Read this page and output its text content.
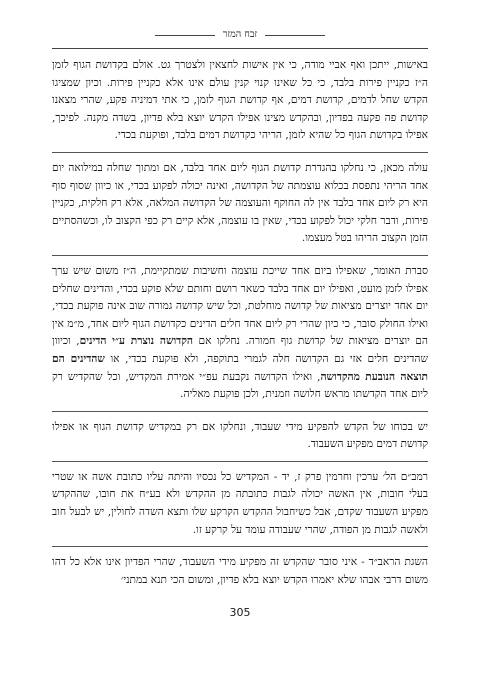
זבח המזר

באישות, ייתכן ואף אביי מודה, כי אין אישות לחצאין ולצטרך גט. אולם בקדושת הגוף לזמן ה״ז כקניין פירות בלבד, כי כל שאינו קנוי קנין עולם אינו אלא כקניין פירות. וכיון שמציגו הקדש שחל לדמים, קדושת דמים, אף קדושת הגוף לזמן, כי אתי דמיניה פקע, שהרי מצאנו קדושת פה פקעה בפדיון, ובהקדש מצינו אפילו הקדש יוצא בלא פדיון, בשדה מקנה. לפיכך, אפילו בקדושת הגוף כל שהיא לזמן, הריהי כקדושת דמים בלבד, ופוקעת בכדי.

עולה מכאן, כי נחלקו בהגדרת קדושת הגוף ליום אחד בלבד, אם ומתוך שחלה במילואה יום אחד הריהי נתפסת בכלוא עוצמתה של הקדושה, ואינה יכולה לפקוע בכדי, או כיוון שסוף סוף היא רק ליום אחד בלבד אין לה החוקף והעוצמה של הקדושה המלאה, אלא רק חלקית, כקניין פירות, ודבר חלקי יכול לפקוע בכדי, שאין בו עוצמה, אלא קיים רק כפי הקצוב לו, וכשהסתיים הזמן הקצוב הריהו בטל מעצמו.

סברת האומר, שאפילו ביום אחד שייכת עוצמה וחשיבות שמתקיימת, ה״ז משום שיש ערך אפילו לזמן מועט, ואפילו יום אחד בלבד כשאר רושם וחותם שלא פוקע בכדי, והדינים שחלים יום אחד יוצרים מציאות של קדושה מוחלטת, וכל שיש קדושה גמורה שוב אינה פוקעת בכדי, ואילו החולק סובר, כי כיון שהרי רק ליום אחד חלים הדינים כקדושת הגוף ליום אחד, מ״מ אין הם יוצרים מציאות של קדושת גוף חמורה. נחלקו אם הקדושה נוצרת ע״י הדינים, וכיוון שהדינים חלים אזי גם הקדושה חלה לגמרי בתוקפה, ולא פוקעת בכדי, או שהדינים הם תוצאה הנובעת מהקדושה, ואילו הקדושה נקבעת עפ״י אמירת המקדיש, וכל שהקדיש רק ליום אחד הקדשתו מראש חלושה וזמנית, ולכן פוקעת מאליה.

יש בכוחו של הקדש להפקיע מידי שעבוד, ונחלקו אם רק במקדיש קדושת הגוף או אפילו קדושת דמים מפקיע השעבוד.

רמב״ם הל׳ ערכין וחרמין פרק ז, יד - המקדיש כל נכסיו והיתה עליו כתובת אשה או שטרי בעלי חובות, אין האשה יכולה לגבות כתובתה מן ההקדש ולא בע״ח את חובו, שההקדש מפקיע השעבוד שקדם, אבל כשיחבול ההקדש הקרקע שלו ותצא השדה לחולין, יש לבעל חוב ולאשה לגבות מן הפודה, שהרי שעבודה עומד על קרקע זו.

השגת הראב״ד - איני סובר שהקדש זה מפקיע מידי השעבוד, שהרי הפדיון אינו אלא כל דהו משום דרבי אבהו שלא יאמרו הקדש יוצא בלא פדיון, ומשום הכי תנא במתני׳

305
